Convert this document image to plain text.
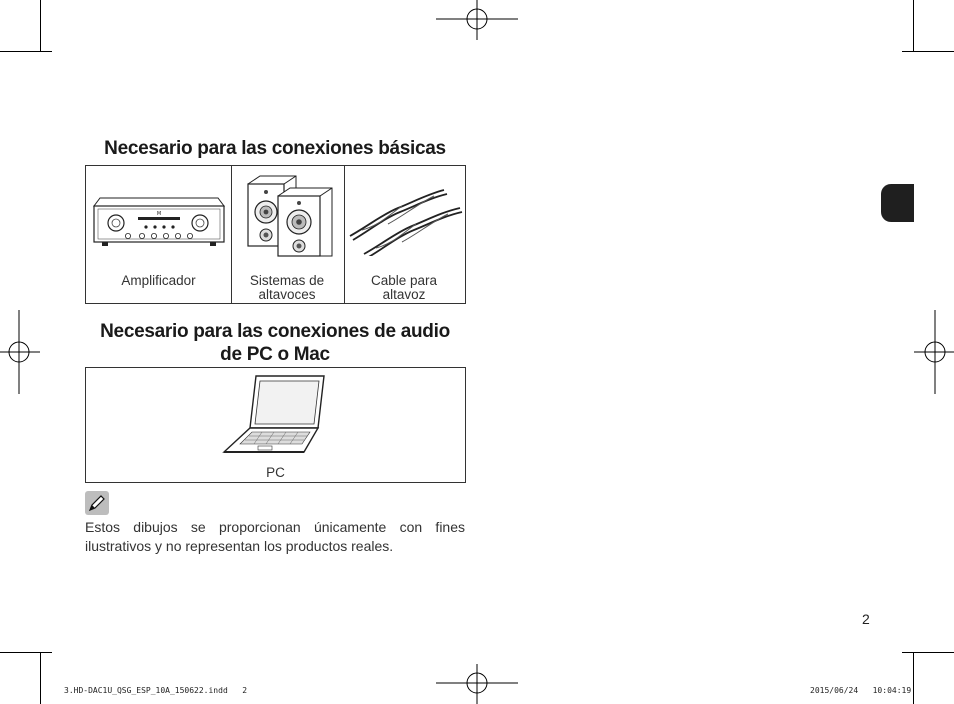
Necesario para las conexiones básicas
M
Amplificador	Sistemas de altavoces
Cable para altavoz
Necesario para las conexiones de audio
de PC o Mac
PC
Estos dibujos se proporcionan únicamente con fines ilustrativos y no representan los productos reales.
2
3.HD-DAC1U_QSG_ESP_10A_150622.indd   2	2015/06/24   10:04:19
